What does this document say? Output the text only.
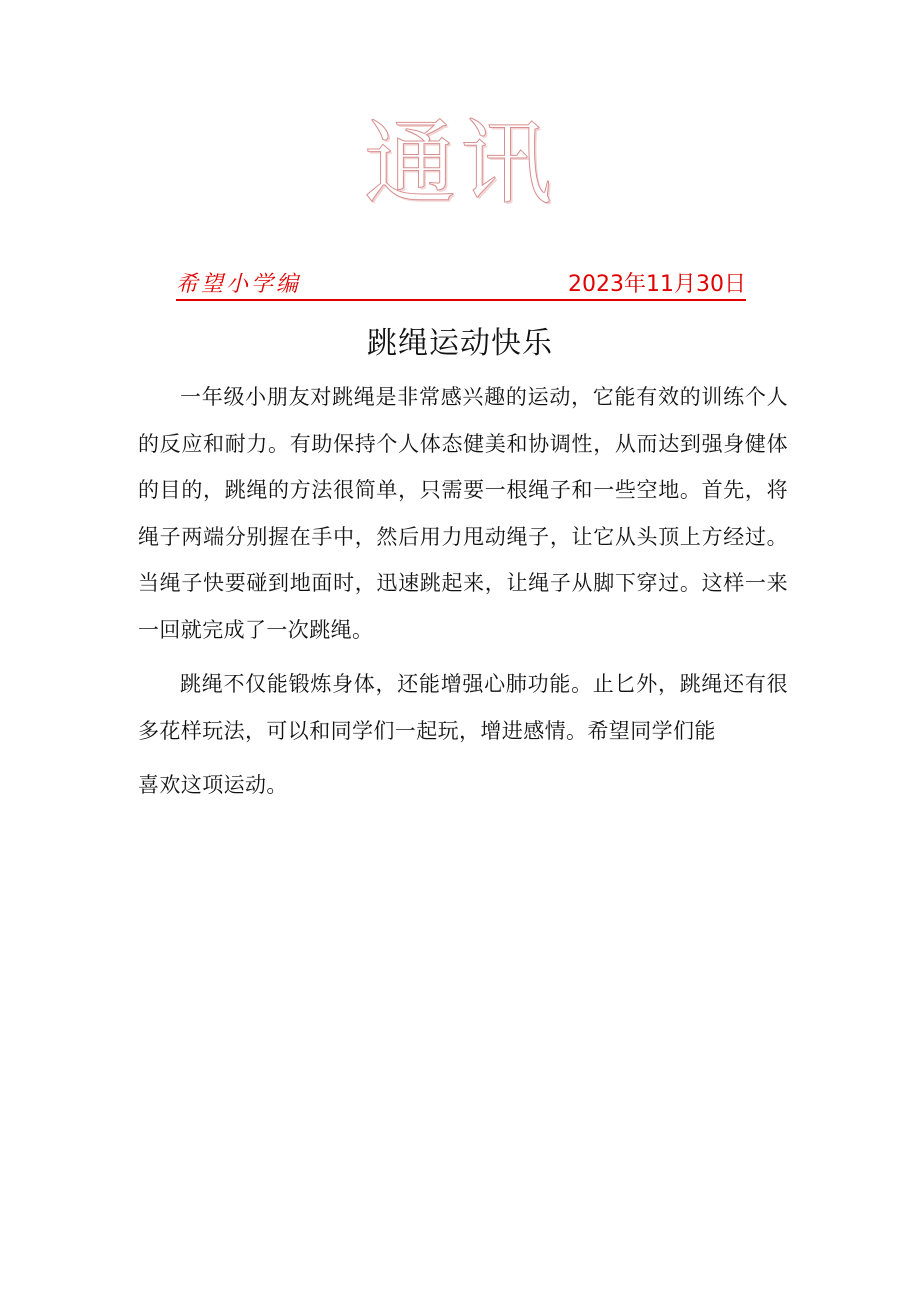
通讯
希望小学编	2023年11月30日
跳绳运动快乐

一年级小朋友对跳绳是非常感兴趣的运动，它能有效的训练个人的反应和耐力。有助保持个人体态健美和协调性，从而达到强身健体的目的，跳绳的方法很简单，只需要一根绳子和一些空地。首先，将绳子两端分别握在手中，然后用力甩动绳子，让它从头顶上方经过。当绳子快要碰到地面时，迅速跳起来，让绳子从脚下穿过。这样一来一回就完成了一次跳绳。

跳绳不仅能锻炼身体，还能增强心肺功能。止匕外，跳绳还有很多花样玩法，可以和同学们一起玩，增进感情。希望同学们能
喜欢这项运动。
